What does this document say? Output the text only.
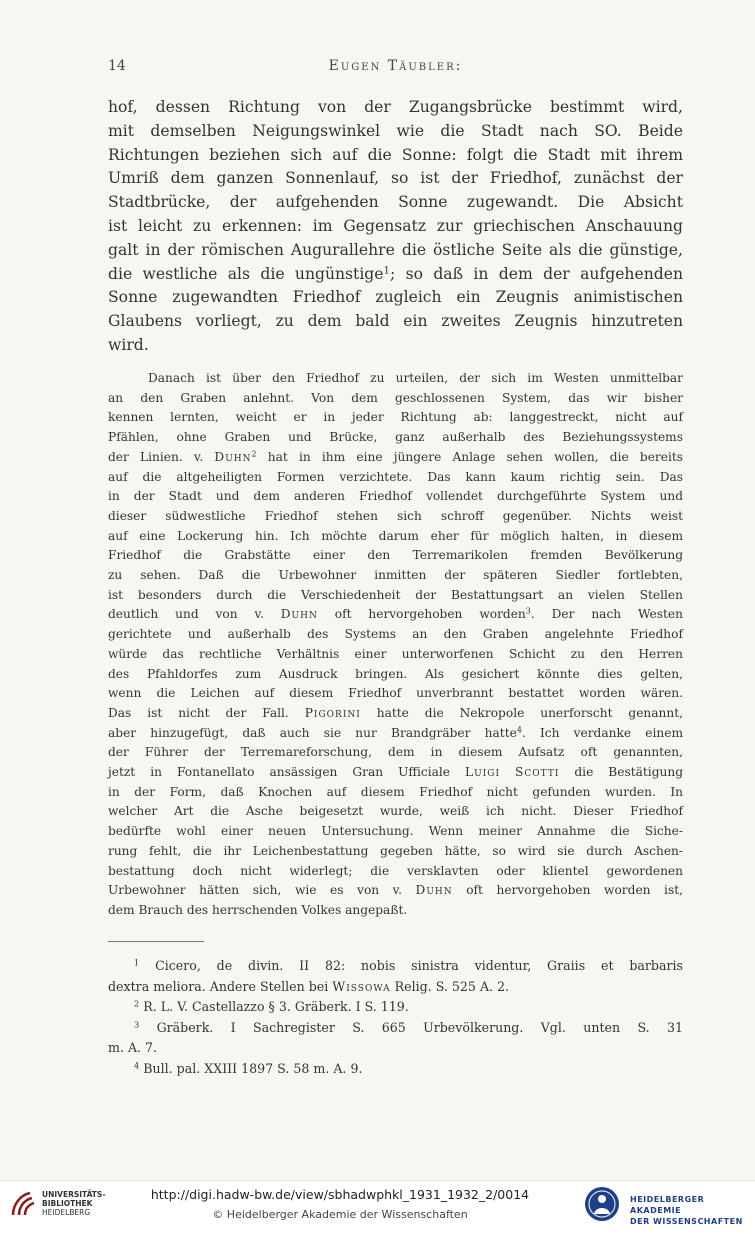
14	Eugen Täubler:

hof, dessen Richtung von der Zugangsbrücke bestimmt wird,

mit demselben Neigungswinkel wie die Stadt nach SO. Beide

Richtungen beziehen sich auf die Sonne: folgt die Stadt mit ihrem

Umriß dem ganzen Sonnenlauf, so ist der Friedhof, zunächst der

Stadtbrücke, der aufgehenden Sonne zugewandt. Die Absicht

ist leicht zu erkennen: im Gegensatz zur griechischen Anschauung

galt in der römischen Augurallehre die östliche Seite als die günstige,

die westliche als die ungünstige$^1$; so daß in dem der aufgehenden

Sonne zugewandten Friedhof zugleich ein Zeugnis animistischen

Glaubens vorliegt, zu dem bald ein zweites Zeugnis hinzutreten

wird.

Danach ist über den Friedhof zu urteilen, der sich im Westen unmittelbar

an den Graben anlehnt. Von dem geschlossenen System, das wir bisher

kennen lernten, weicht er in jeder Richtung ab: langgestreckt, nicht auf

Pfählen, ohne Graben und Brücke, ganz außerhalb des Beziehungssystems

der Linien. v. Duhn$^2$ hat in ihm eine jüngere Anlage sehen wollen, die bereits

auf die altgeheiligten Formen verzichtete. Das kann kaum richtig sein. Das

in der Stadt und dem anderen Friedhof vollendet durchgeführte System und

dieser südwestliche Friedhof stehen sich schroff gegenüber. Nichts weist

auf eine Lockerung hin. Ich möchte darum eher für möglich halten, in diesem

Friedhof die Grabstätte einer den Terremarikolen fremden Bevölkerung

zu sehen. Daß die Urbewohner inmitten der späteren Siedler fortlebten,

ist besonders durch die Verschiedenheit der Bestattungsart an vielen Stellen

deutlich und von v. Duhn oft hervorgehoben worden$^3$. Der nach Westen

gerichtete und außerhalb des Systems an den Graben angelehnte Friedhof

würde das rechtliche Verhältnis einer unterworfenen Schicht zu den Herren

des Pfahldorfes zum Ausdruck bringen. Als gesichert könnte dies gelten,

wenn die Leichen auf diesem Friedhof unverbrannt bestattet worden wären.

Das ist nicht der Fall. Pigorini hatte die Nekropole unerforscht genannt,

aber hinzugefügt, daß auch sie nur Brandgräber hatte$^4$. Ich verdanke einem

der Führer der Terremareforschung, dem in diesem Aufsatz oft genannten,

jetzt in Fontanellato ansässigen Gran Ufficiale Luigi Scotti die Bestätigung

in der Form, daß Knochen auf diesem Friedhof nicht gefunden wurden. In

welcher Art die Asche beigesetzt wurde, weiß ich nicht. Dieser Friedhof

bedürfte wohl einer neuen Untersuchung. Wenn meiner Annahme die Siche-

rung fehlt, die ihr Leichenbestattung gegeben hätte, so wird sie durch Aschen-

bestattung doch nicht widerlegt; die versklavten oder klientel gewordenen

Urbewohner hätten sich, wie es von v. Duhn oft hervorgehoben worden ist,

dem Brauch des herrschenden Volkes angepaßt.

$^1$ Cicero, de divin. II 82: nobis sinistra videntur, Graiis et barbaris

dextra meliora. Andere Stellen bei Wissowa Relig. S. 525 A. 2.

$^2$ R. L. V. Castellazzo § 3. Gräberk. I S. 119.

$^3$ Gräberk. I Sachregister S. 665 Urbevölkerung. Vgl. unten S. 31

m. A. 7.

$^4$ Bull. pal. XXIII 1897 S. 58 m. A. 9.

UNIVERSITÄTS-
BIBLIOTHEK
HEIDELBERG
http://digi.hadw-bw.de/view/sbhadwphkl_1931_1932_2/0014
© Heidelberger Akademie der Wissenschaften
HEIDELBERGER AKADEMIE
DER WISSENSCHAFTEN
